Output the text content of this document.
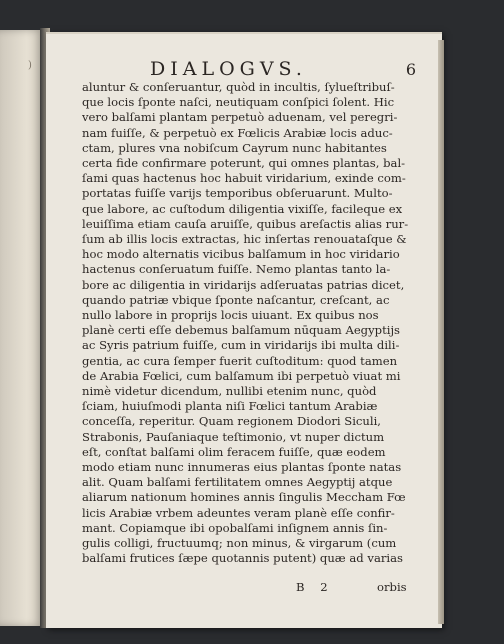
)	DIALOGVS.	6
aluntur & conſeruantur, quòd in incultis, ſylueſtribuſ-
que locis ſponte naſci, neutiquam conſpici ſolent. Hic
vero balſami plantam perpetuò aduenam, vel peregri-
nam fuiſſe, & perpetuò ex Fœlicis Arabiæ locis aduc-
ctam, plures vna nobiſcum Cayrum nunc habitantes
certa fide confirmare poterunt, qui omnes plantas, bal-
ſami quas hactenus hoc habuit viridarium, exinde com-
portatas fuiſſe varijs temporibus obſeruarunt. Multo-
que labore, ac cuſtodum diligentia vixiſſe, facileque ex
leuiſſima etiam cauſa aruiſſe, quibus areſactis alias rur-
ſum ab illis locis extractas, hic inſertas renouataſque &
hoc modo alternatis vicibus balſamum in hoc viridario
hactenus conſeruatum fuiſſe. Nemo plantas tanto la-
bore ac diligentia in viridarijs adſeruatas patrias dicet,
quando patriæ vbique ſponte naſcantur, creſcant, ac
nullo labore in proprijs locis uiuant. Ex quibus nos
planè certi eſſe debemus balſamum nūquam Aegyptijs
ac Syris patrium fuiſſe, cum in viridarijs ibi multa dili-
gentia, ac cura ſemper fuerit cuſtoditum: quod tamen
de Arabia Fœlici, cum balſamum ibi perpetuò viuat mi
nimè videtur dicendum, nullibi etenim nunc, quòd
ſciam, huiuſmodi planta niſi Fœlici tantum Arabiæ
conceſſa, reperitur. Quam regionem Diodori Siculi,
Strabonis, Pauſaniaque teſtimonio, vt nuper dictum
eſt, conſtat balſami olim feracem fuiſſe, quæ eodem
modo etiam nunc innumeras eius plantas ſponte natas
alit. Quam balſami fertilitatem omnes Aegyptij atque
aliarum nationum homines annis ſingulis Meccham Fœ
licis Arabiæ vrbem adeuntes veram planè eſſe confir-
mant. Copiamque ibi opobalſami inſignem annis ſin-
gulis colligi, fructuumq; non minus, & virgarum (cum
balſami frutices ſæpe quotannis putent) quæ ad varias
B 2	orbis
